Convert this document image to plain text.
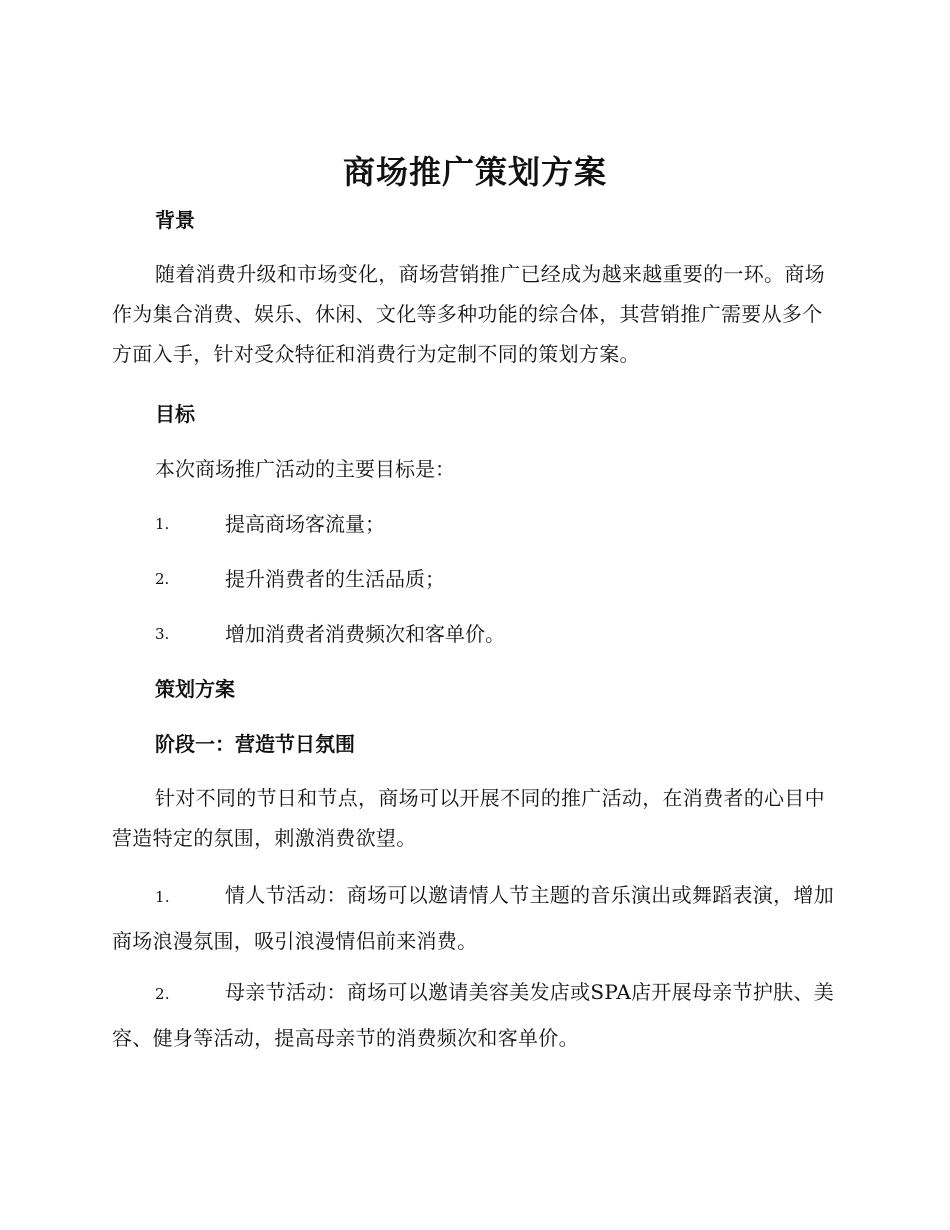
商场推广策划方案
背景
随着消费升级和市场变化，商场营销推广已经成为越来越重要的一环。商场作为集合消费、娱乐、休闲、文化等多种功能的综合体，其营销推广需要从多个方面入手，针对受众特征和消费行为定制不同的策划方案。
目标
本次商场推广活动的主要目标是：
1.	提高商场客流量；
2.	提升消费者的生活品质；
3.	增加消费者消费频次和客单价。
策划方案
阶段一：营造节日氛围
针对不同的节日和节点，商场可以开展不同的推广活动，在消费者的心目中营造特定的氛围，刺激消费欲望。
1.	情人节活动：商场可以邀请情人节主题的音乐演出或舞蹈表演，增加商场浪漫氛围，吸引浪漫情侣前来消费。
2.	母亲节活动：商场可以邀请美容美发店或SPA店开展母亲节护肤、美容、健身等活动，提高母亲节的消费频次和客单价。
